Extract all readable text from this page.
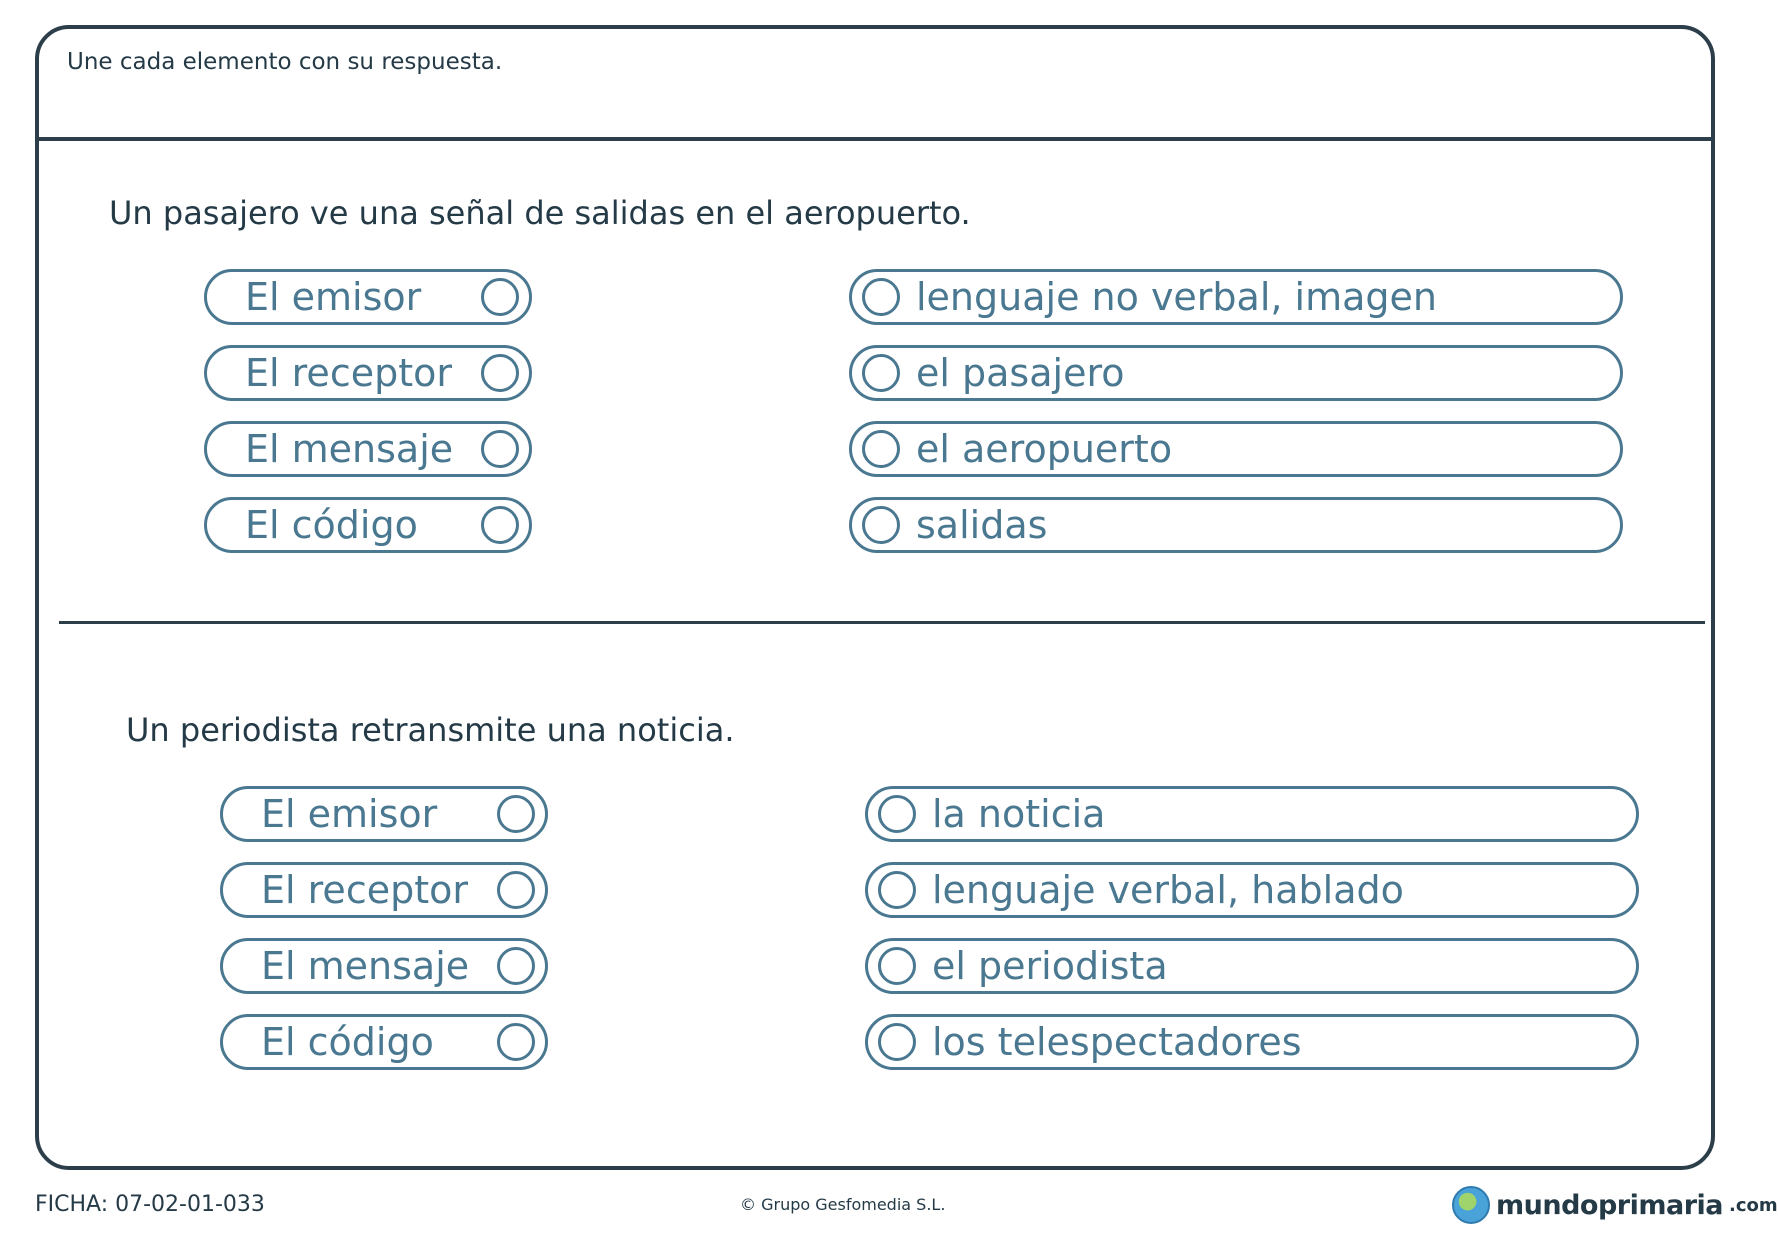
Une cada elemento con su respuesta.
Un pasajero ve una señal de salidas en el aeropuerto.
El emisor
El receptor
El mensaje
El código
lenguaje no verbal, imagen
el pasajero
el aeropuerto
salidas
Un periodista retransmite una noticia.
El emisor
El receptor
El mensaje
El código
la noticia
lenguaje verbal, hablado
el periodista
los telespectadores
FICHA: 07-02-01-033	© Grupo Gesfomedia S.L.	mundoprimaria .com
